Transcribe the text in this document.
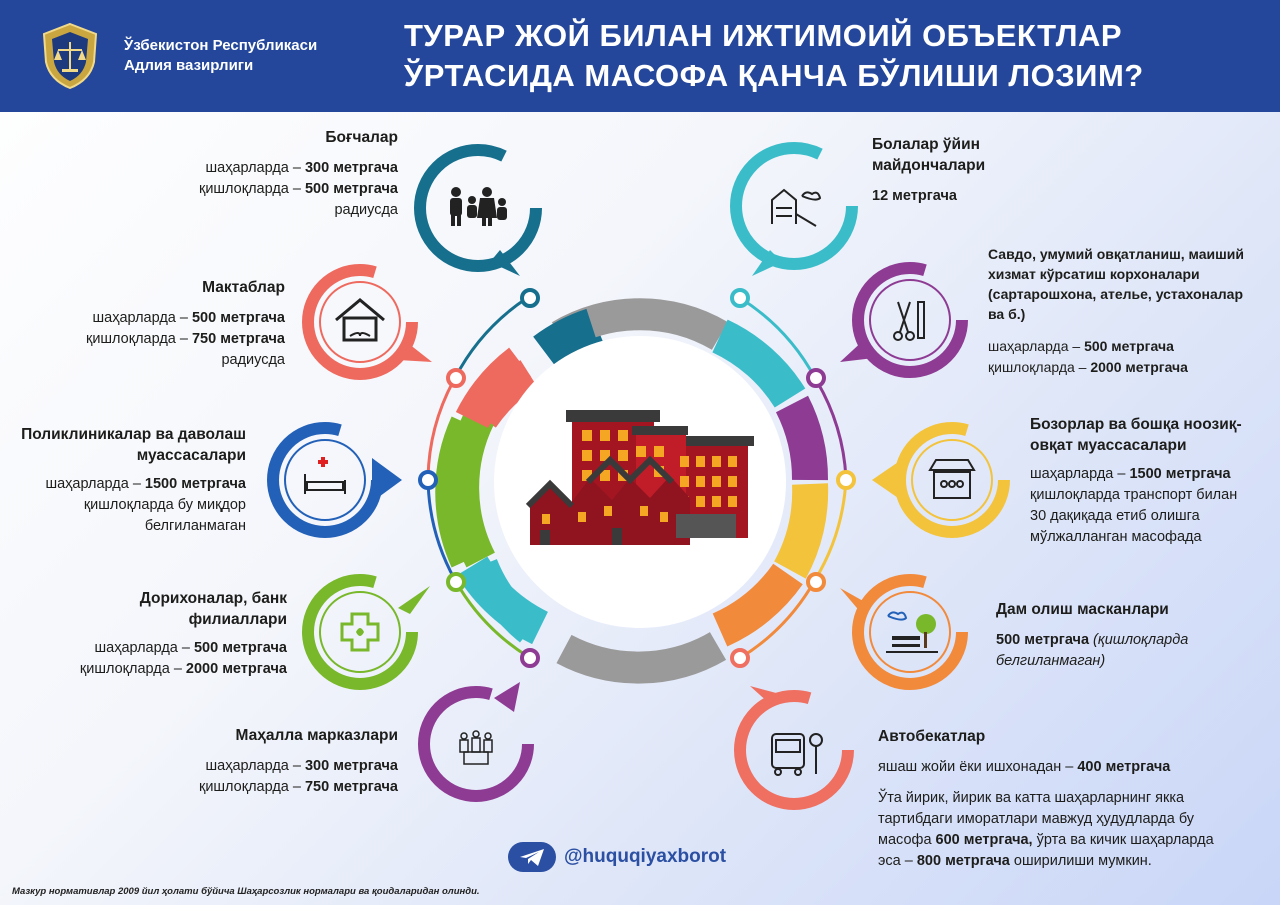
Ўзбекистон Республикаси
Адлия вазирлиги
ТУРАР ЖОЙ БИЛАН ИЖТИМОИЙ ОБЪЕКТЛАР
ЎРТАСИДА МАСОФА ҚАНЧА БЎЛИШИ ЛОЗИМ?
Боғчалар
шаҳарларда – 300 метргача
қишлоқларда – 500 метргача
радиусда
Мактаблар
шаҳарларда – 500 метргача
қишлоқларда – 750 метргача
радиусда
Поликлиникалар ва даволаш
муассасалари
шаҳарларда – 1500 метргача
қишлоқларда бу миқдор
белгиланмаган
Дорихоналар, банк
филиаллари
шаҳарларда – 500 метргача
қишлоқларда – 2000 метргача
Маҳалла марказлари
шаҳарларда – 300 метргача
қишлоқларда – 750 метргача
Болалар ўйин
майдончалари
12 метргача
Савдо, умумий овқатланиш, маиший
хизмат кўрсатиш корхоналари
(сартарошхона, ательe, устахоналар
ва б.)
шаҳарларда – 500 метргача
қишлоқларда – 2000 метргача
Бозорлар ва бошқа ноозиқ-
овқат муассасалари
шаҳарларда – 1500 метргача
қишлоқларда транспорт билан
30 дақиқада етиб олишга
мўлжалланган масофада
Дам олиш масканлари
500 метргача (қишлоқларда
белгиланмаган)
Автобекатлар
яшаш жойи ёки ишхонадан – 400 метргача
Ўта йирик, йирик ва катта шаҳарларнинг якка
тартибдаги иморатлари мавжуд ҳудудларда бу
масофа 600 метргача, ўрта ва кичик шаҳарларда
эса – 800 метргача оширилиши мумкин.
@huquqiyaxborot
Мазкур нормативлар 2009 йил ҳолати бўйича Шаҳарсозлик нормалари ва қоидаларидан олинди.
